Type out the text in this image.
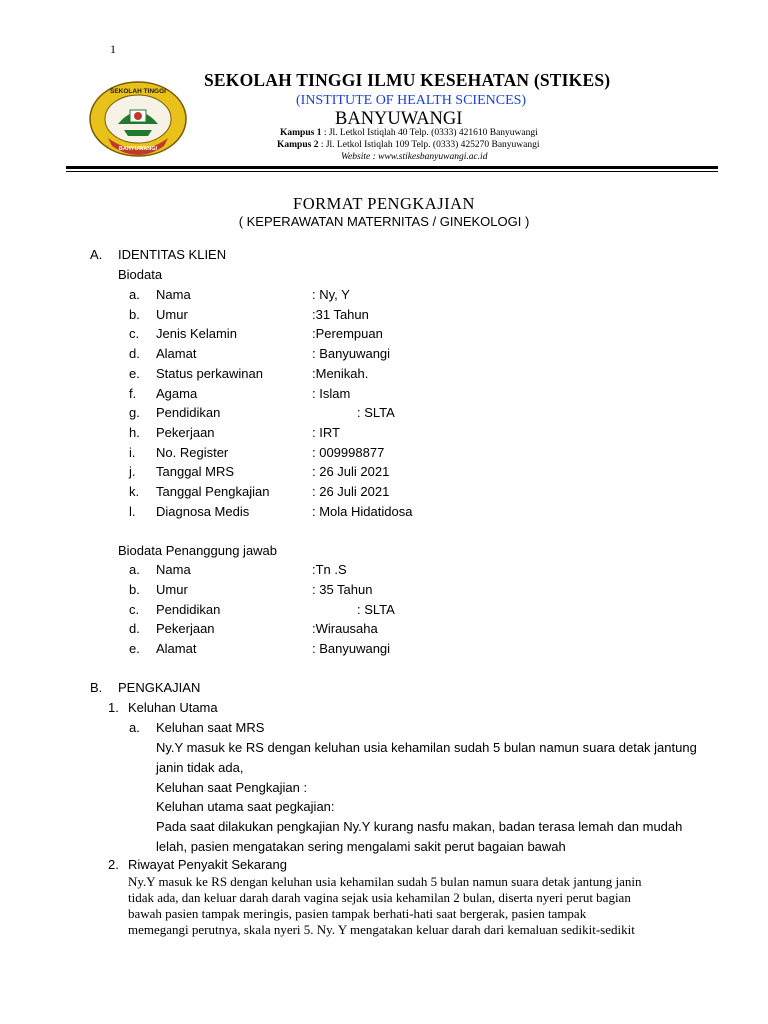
1
SEKOLAH TINGGI
BANYUWANGI
SEKOLAH TINGGI ILMU KESEHATAN (STIKES)
(INSTITUTE OF HEALTH SCIENCES)
BANYUWANGI
Kampus 1 : Jl. Letkol Istiqlah 40 Telp. (0333) 421610 Banyuwangi
Kampus 2 : Jl. Letkol Istiqlah 109 Telp. (0333) 425270 Banyuwangi
Website : www.stikesbanyuwangi.ac.id
FORMAT PENGKAJIAN
( KEPERAWATAN MATERNITAS / GINEKOLOGI )
A. IDENTITAS KLIEN
Biodata
a. Nama	: Ny, Y
b. Umur	:31 Tahun
c. Jenis Kelamin	:Perempuan
d. Alamat	: Banyuwangi
e. Status perkawinan	:Menikah.
f. Agama	: Islam
g. Pendidikan	: SLTA
h. Pekerjaan	: IRT
i. No. Register	: 009998877
j. Tanggal MRS	: 26 Juli 2021
k. Tanggal Pengkajian	: 26 Juli 2021
l. Diagnosa Medis	: Mola Hidatidosa
Biodata Penanggung jawab
a. Nama	:Tn .S
b. Umur	: 35 Tahun
c. Pendidikan	: SLTA
d. Pekerjaan	:Wirausaha
e. Alamat	: Banyuwangi
B. PENGKAJIAN
1. Keluhan Utama
a. Keluhan saat MRS
Ny.Y masuk ke RS dengan keluhan usia kehamilan sudah 5 bulan namun suara detak jantung
janin tidak ada,
Keluhan saat Pengkajian :
Keluhan utama saat pegkajian:
Pada saat dilakukan pengkajian Ny.Y kurang nasfu makan, badan terasa lemah dan mudah
lelah, pasien mengatakan sering mengalami sakit perut bagaian bawah
2. Riwayat Penyakit Sekarang
Ny.Y masuk ke RS dengan keluhan usia kehamilan sudah 5 bulan namun suara detak jantung janin
tidak ada, dan keluar darah darah vagina sejak usia kehamilan 2 bulan, diserta nyeri perut bagian
bawah pasien tampak meringis, pasien tampak berhati-hati saat bergerak, pasien tampak
memegangi perutnya, skala nyeri 5. Ny. Y mengatakan keluar darah dari kemaluan sedikit-sedikit
